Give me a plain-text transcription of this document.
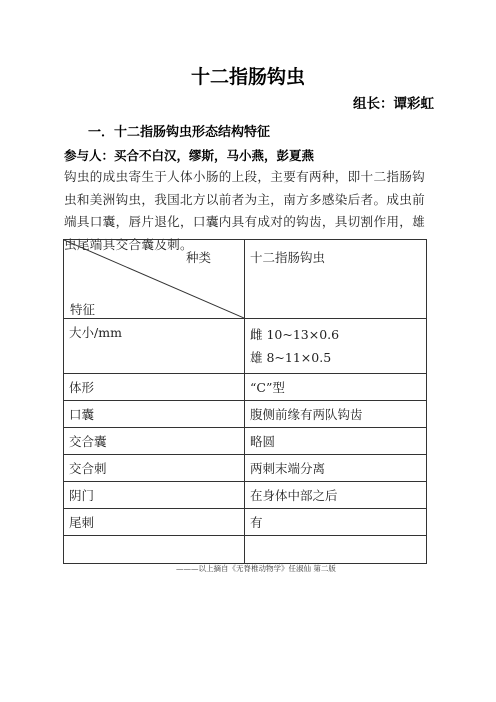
十二指肠钩虫
组长：谭彩虹
一．十二指肠钩虫形态结构特征
参与人：买合不白汉，缪斯，马小燕，彭夏燕
钩虫的成虫寄生于人体小肠的上段，主要有两种，即十二指肠钩虫和美洲钩虫，我国北方以前者为主，南方多感染后者。成虫前端具口囊，唇片退化，口囊内具有成对的钩齿，具切割作用，雄虫尾端具交合囊及刺。
种类
特征	十二指肠钩虫
大小/mm	雌 10~13×0.6
雄 8~11×0.5

体形	“C”型
口囊	腹侧前缘有两队钩齿
交合囊	略圆
交合刺	两刺末端分离
阴门	在身体中部之后
尾刺	有

———以上摘自《无脊椎动物学》任淑仙 第二版
